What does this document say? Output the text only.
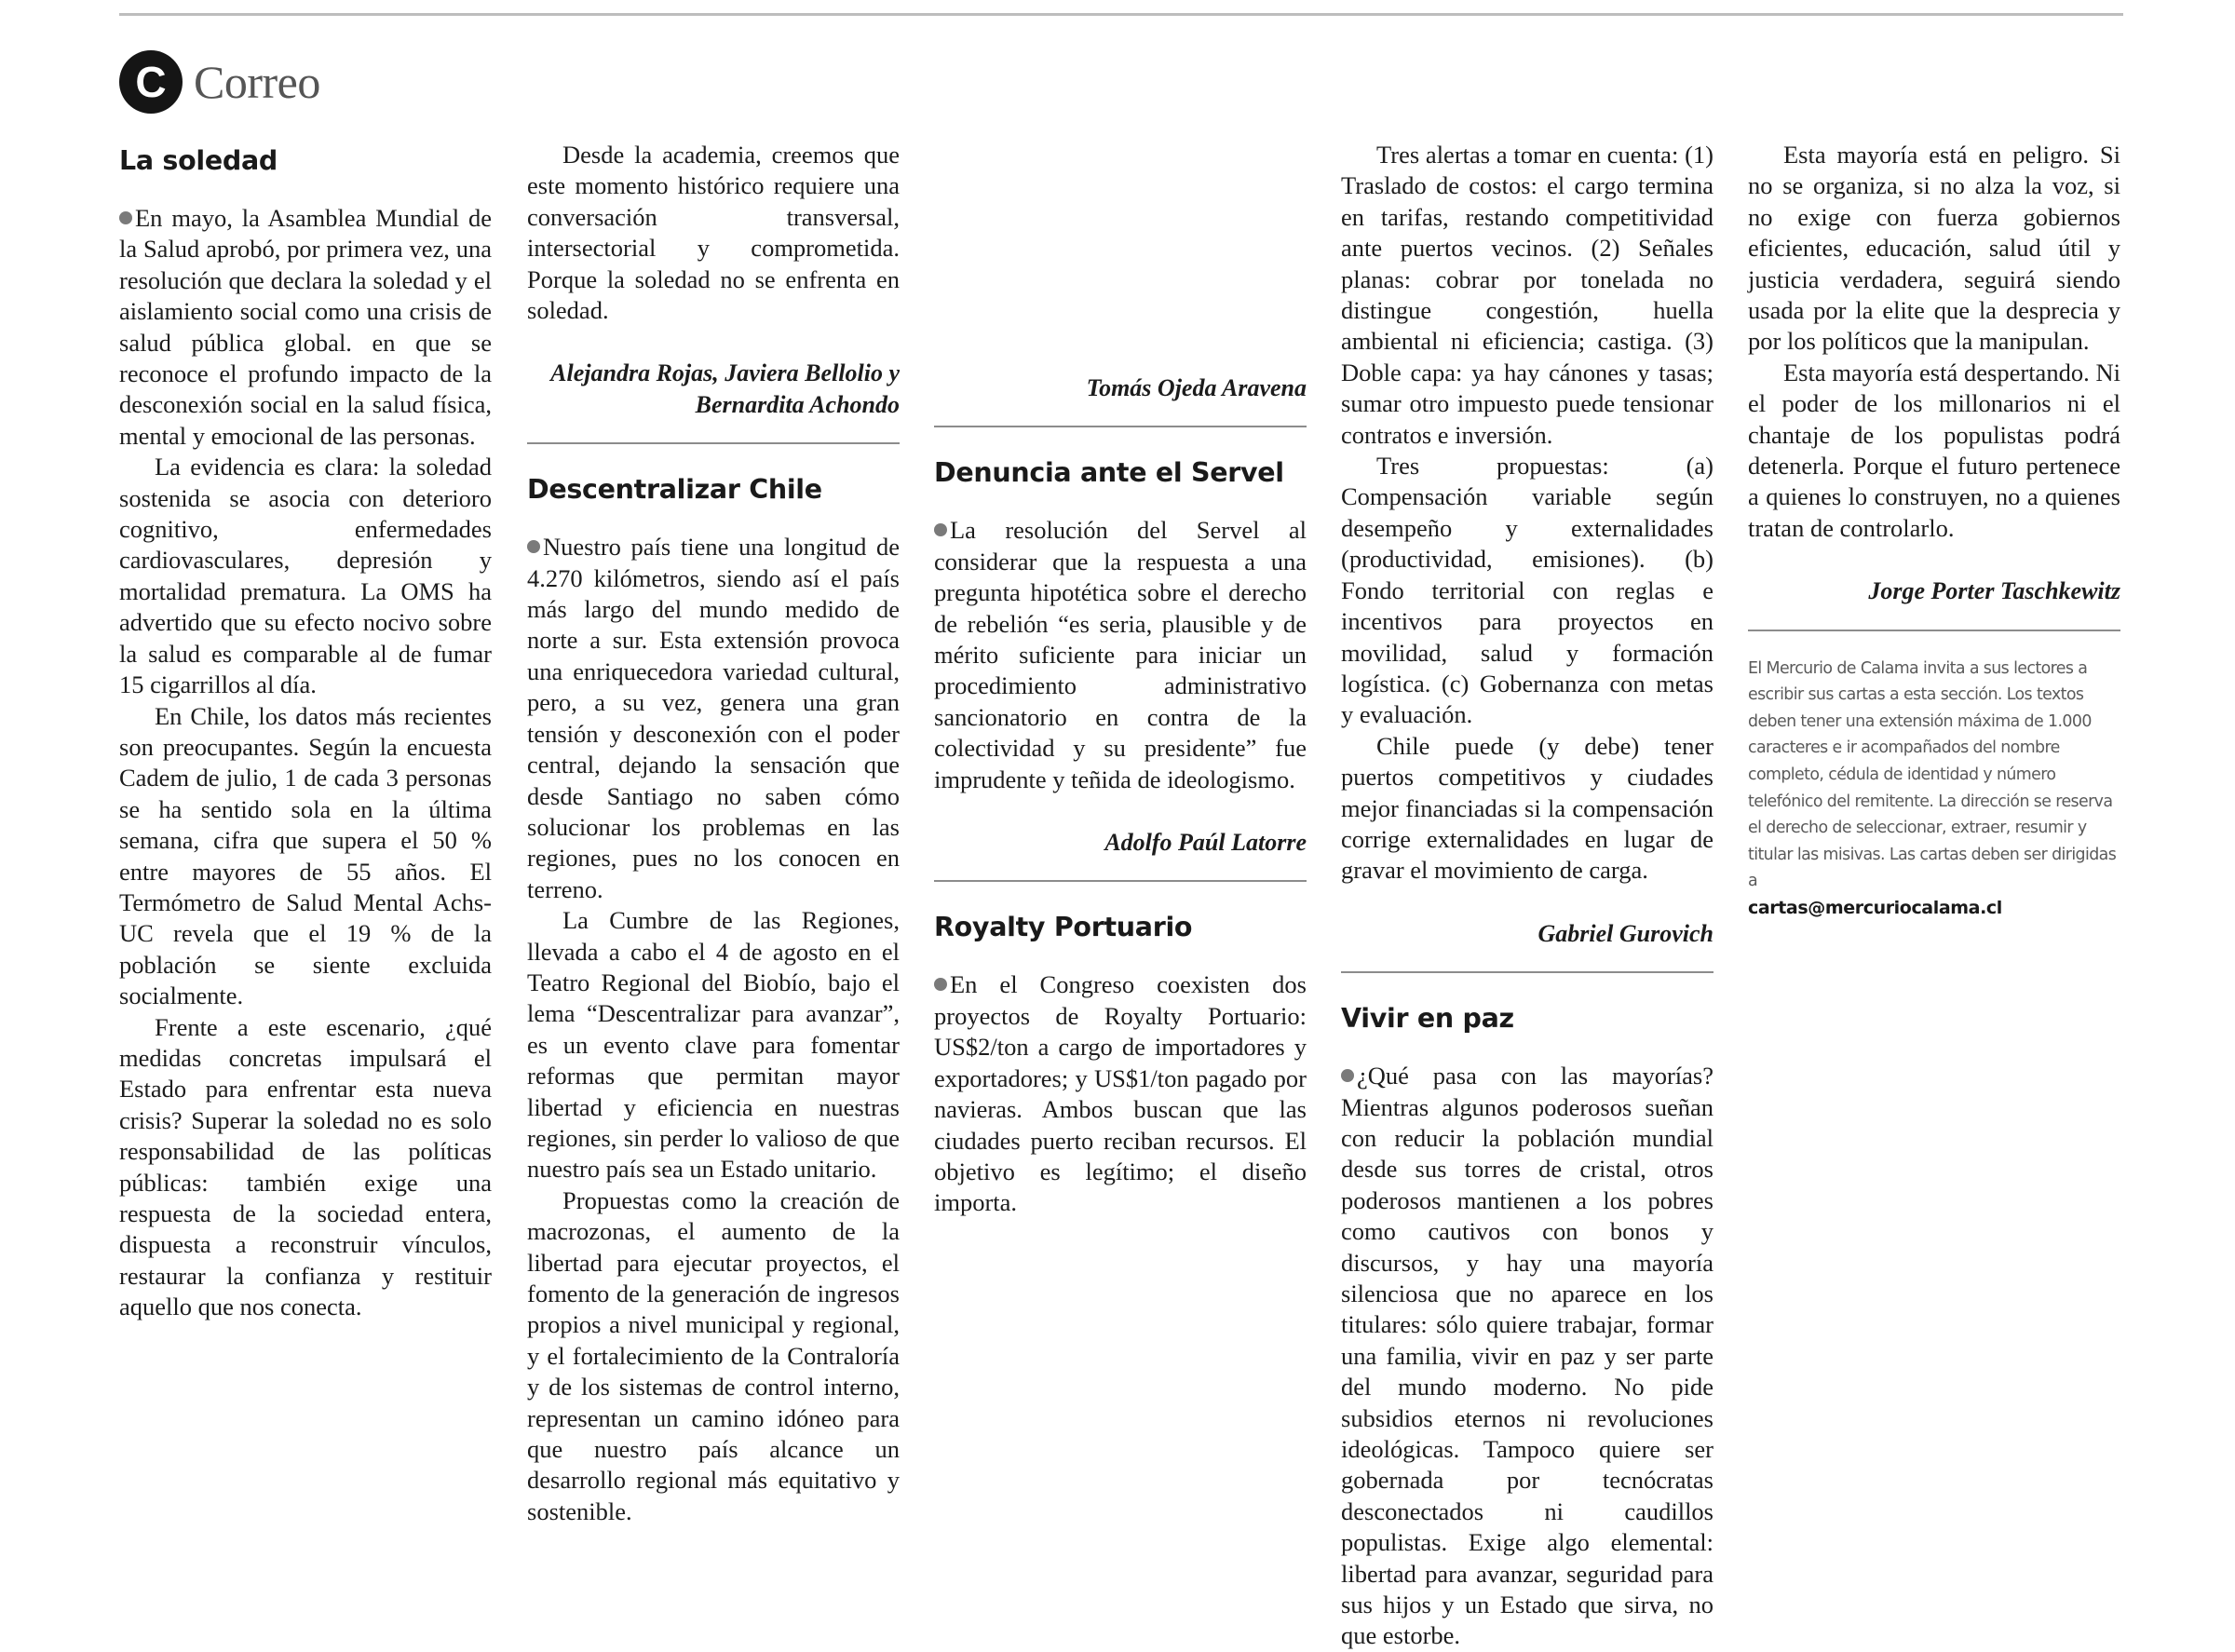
C Correo
La soledad

En mayo, la Asamblea Mundial de la Salud aprobó, por primera vez, una resolución que declara la soledad y el aislamiento social como una crisis de salud pública global. en que se reconoce el profundo impacto de la desconexión social en la salud física, mental y emocional de las personas.

La evidencia es clara: la soledad sostenida se asocia con deterioro cognitivo, enfermedades cardiovasculares, depresión y mortalidad prematura. La OMS ha advertido que su efecto nocivo sobre la salud es comparable al de fumar 15 cigarrillos al día.

En Chile, los datos más recientes son preocupantes. Según la encuesta Cadem de julio, 1 de cada 3 personas se ha sentido sola en la última semana, cifra que supera el 50 % entre mayores de 55 años. El Termómetro de Salud Mental Achs-UC revela que el 19 % de la población se siente excluida socialmente.

Frente a este escenario, ¿qué medidas concretas impulsará el Estado para enfrentar esta nueva crisis? Superar la soledad no es solo responsabilidad de las políticas públicas: también exige una respuesta de la sociedad entera, dispuesta a reconstruir vínculos, restaurar la confianza y restituir aquello que nos conecta.

Desde la academia, creemos que este momento histórico requiere una conversación transversal, intersectorial y comprometida. Porque la soledad no se enfrenta en soledad.

Alejandra Rojas, Javiera Bellolio y
Bernardita Achondo
Descentralizar Chile

Nuestro país tiene una longitud de 4.270 kilómetros, siendo así el país más largo del mundo medido de norte a sur. Esta extensión provoca una enriquecedora variedad cultural, pero, a su vez, genera una gran tensión y desconexión con el poder central, dejando la sensación que desde Santiago no saben cómo solucionar los problemas en las regiones, pues no los conocen en terreno.

La Cumbre de las Regiones, llevada a cabo el 4 de agosto en el Teatro Regional del Biobío, bajo el lema “Descentralizar para avanzar”, es un evento clave para fomentar reformas que permitan mayor libertad y eficiencia en nuestras regiones, sin perder lo valioso de que nuestro país sea un Estado unitario.

Propuestas como la creación de macrozonas, el aumento de la libertad para ejecutar proyectos, el fomento de la generación de ingresos propios a nivel municipal y regional, y el fortalecimiento de la Contraloría y de los sistemas de control interno, representan un camino idóneo para que nuestro país alcance un desarrollo regional más equitativo y sostenible.

Tomás Ojeda Aravena
Denuncia ante el Servel

La resolución del Servel al considerar que la respuesta a una pregunta hipotética sobre el derecho de rebelión “es seria, plausible y de mérito suficiente para iniciar un procedimiento administrativo sancionatorio en contra de la colectividad y su presidente” fue imprudente y teñida de ideologismo.

Adolfo Paúl Latorre
Royalty Portuario

En el Congreso coexisten dos proyectos de Royalty Portuario: US$2/ton a cargo de importadores y exportadores; y US$1/ton pagado por navieras. Ambos buscan que las ciudades puerto reciban recursos. El objetivo es legítimo; el diseño importa.

Tres alertas a tomar en cuenta: (1) Traslado de costos: el cargo termina en tarifas, restando competitividad ante puertos vecinos. (2) Señales planas: cobrar por tonelada no distingue congestión, huella ambiental ni eficiencia; castiga. (3) Doble capa: ya hay cánones y tasas; sumar otro impuesto puede tensionar contratos e inversión.

Tres propuestas: (a) Compensación variable según desempeño y externalidades (productividad, emisiones). (b) Fondo territorial con reglas e incentivos para proyectos en movilidad, salud y formación logística. (c) Gobernanza con metas y evaluación.

Chile puede (y debe) tener puertos competitivos y ciudades mejor financiadas si la compensación corrige externalidades en lugar de gravar el movimiento de carga.

Gabriel Gurovich
Vivir en paz

¿Qué pasa con las mayorías? Mientras algunos poderosos sueñan con reducir la población mundial desde sus torres de cristal, otros poderosos mantienen a los pobres como cautivos con bonos y discursos, y hay una mayoría silenciosa que no aparece en los titulares: sólo quiere trabajar, formar una familia, vivir en paz y ser parte del mundo moderno. No pide subsidios eternos ni revoluciones ideológicas. Tampoco quiere ser gobernada por tecnócratas desconectados ni caudillos populistas. Exige algo elemental: libertad para avanzar, seguridad para sus hijos y un Estado que sirva, no que estorbe.

Esta mayoría está en peligro. Si no se organiza, si no alza la voz, si no exige con fuerza gobiernos eficientes, educación, salud útil y justicia verdadera, seguirá siendo usada por la elite que la desprecia y por los políticos que la manipulan.

Esta mayoría está despertando. Ni el poder de los millonarios ni el chantaje de los populistas podrá detenerla. Porque el futuro pertenece a quienes lo construyen, no a quienes tratan de controlarlo.

Jorge Porter Taschkewitz

El Mercurio de Calama invita a sus lectores a escribir sus cartas a esta sección. Los textos deben tener una extensión máxima de 1.000 caracteres e ir acompañados del nombre completo, cédula de identidad y número telefónico del remitente. La dirección se reserva el derecho de seleccionar, extraer, resumir y titular las misivas. Las cartas deben ser dirigidas a
cartas@mercuriocalama.cl
